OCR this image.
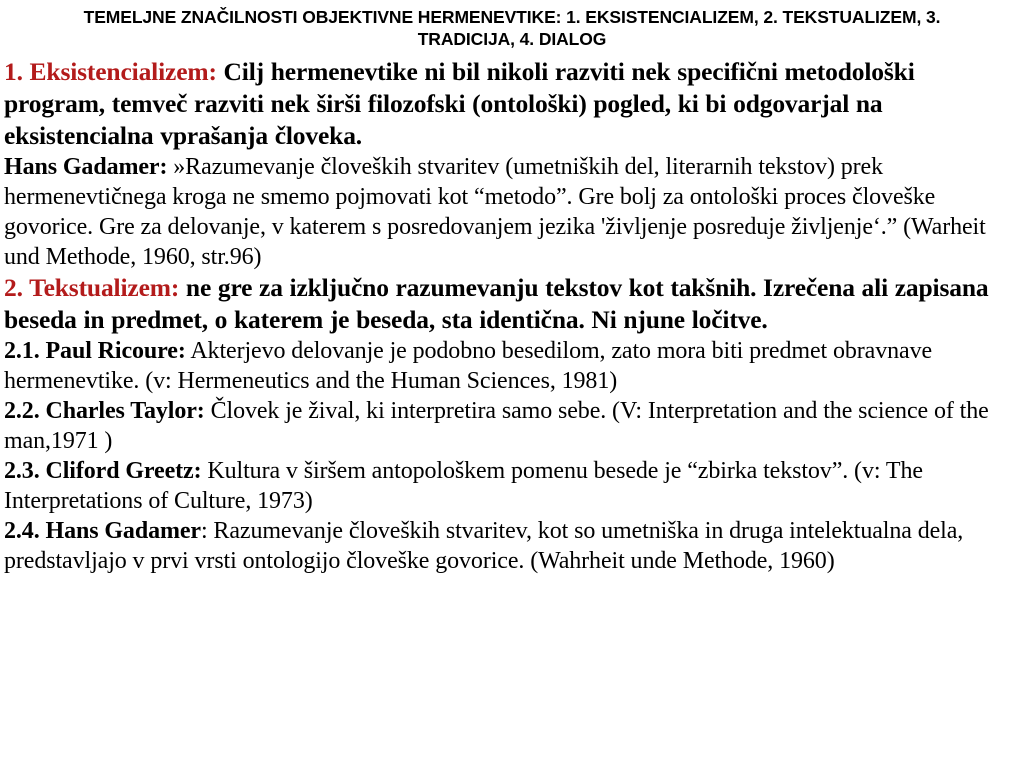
TEMELJNE ZNAČILNOSTI OBJEKTIVNE HERMENEVTIKE: 1. EKSISTENCIALIZEM, 2. TEKSTUALIZEM, 3. TRADICIJA, 4. DIALOG

1. Eksistencializem: Cilj hermenevtike ni bil nikoli razviti nek specifični metodološki program, temveč razviti nek širši filozofski (ontološki) pogled, ki bi odgovarjal na eksistencialna vprašanja človeka.

Hans Gadamer: »Razumevanje človeških stvaritev (umetniških del, literarnih tekstov) prek hermenevtičnega kroga ne smemo pojmovati kot “metodo”. Gre bolj za ontološki proces človeške govorice. Gre za delovanje, v katerem s posredovanjem jezika 'življenje posreduje življenje‘.” (Warheit und Methode, 1960, str.96)

2. Tekstualizem: ne gre za izključno razumevanju tekstov kot takšnih. Izrečena ali zapisana beseda in predmet, o katerem je beseda, sta identična. Ni njune ločitve.

2.1. Paul Ricoure: Akterjevo delovanje je podobno besedilom, zato mora biti predmet obravnave hermenevtike. (v: Hermeneutics and the Human Sciences, 1981)

2.2. Charles Taylor: Človek je žival, ki interpretira samo sebe. (V: Interpretation and the science of the man,1971 )

2.3. Cliford Greetz: Kultura v širšem antopološkem pomenu besede je “zbirka tekstov”. (v: The Interpretations of Culture, 1973)

2.4. Hans Gadamer: Razumevanje človeških stvaritev, kot so umetniška in druga intelektualna dela, predstavljajo v prvi vrsti ontologijo človeške govorice. (Wahrheit unde Methode, 1960)
